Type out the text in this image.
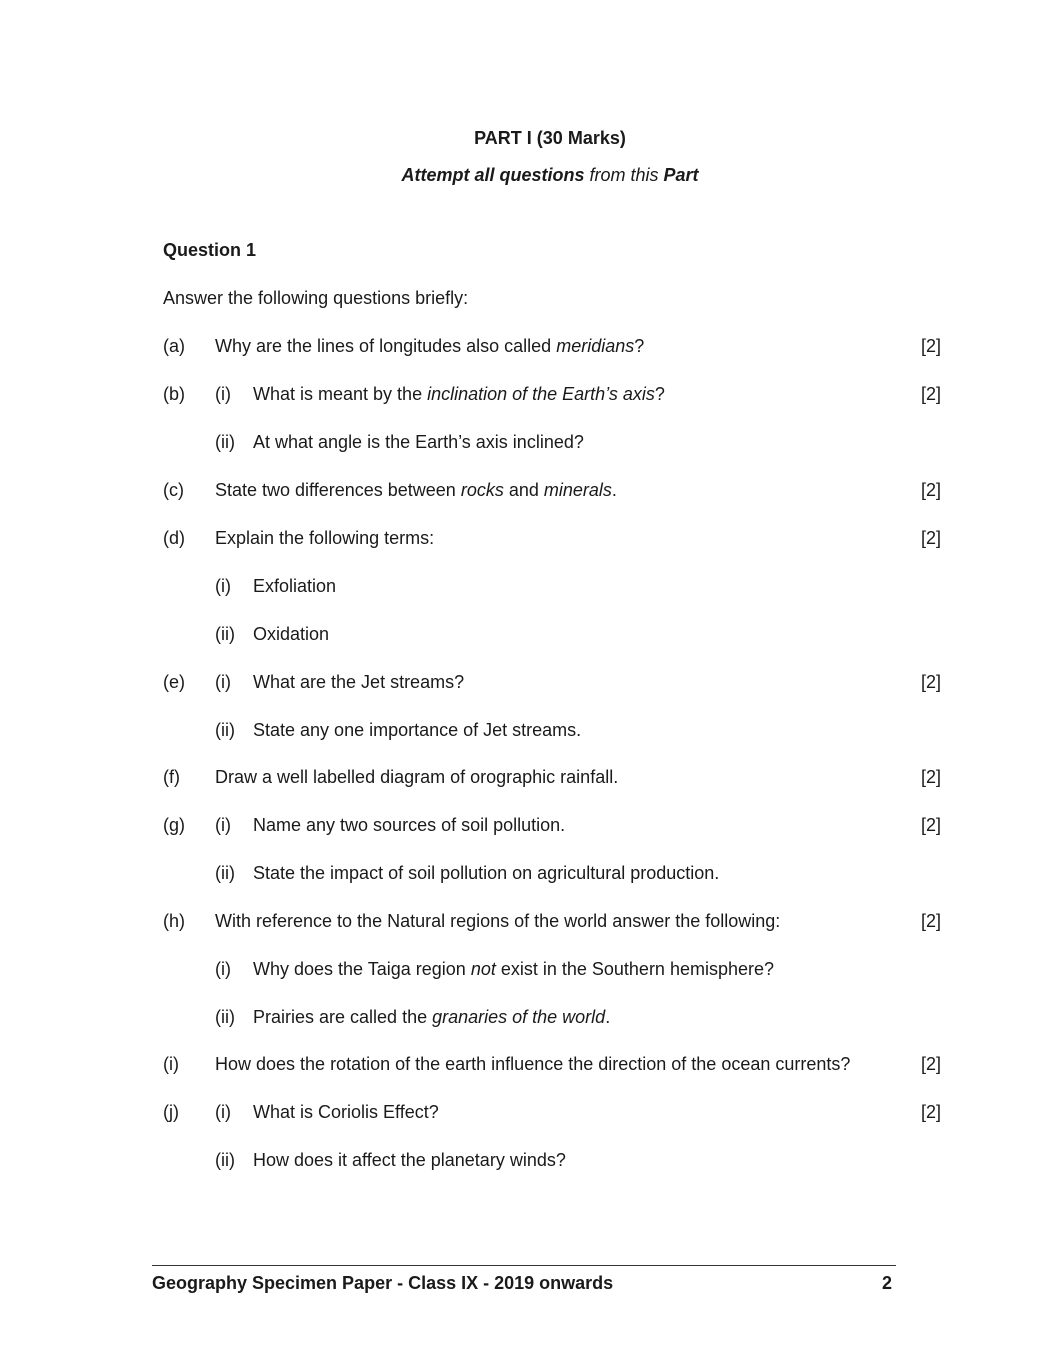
PART I (30 Marks)
Attempt all questions from this Part
Question 1
Answer the following questions briefly:
(a) Why are the lines of longitudes also called meridians?	[2]
(b) (i) What is meant by the inclination of the Earth’s axis?	[2]
(ii) At what angle is the Earth’s axis inclined?
(c) State two differences between rocks and minerals.	[2]
(d) Explain the following terms:	[2]
(i) Exfoliation
(ii) Oxidation
(e) (i) What are the Jet streams?	[2]
(ii) State any one importance of Jet streams.
(f) Draw a well labelled diagram of orographic rainfall.	[2]
(g) (i) Name any two sources of soil pollution.	[2]
(ii) State the impact of soil pollution on agricultural production.
(h) With reference to the Natural regions of the world answer the following:	[2]
(i) Why does the Taiga region not exist in the Southern hemisphere?
(ii) Prairies are called the granaries of the world.
(i) How does the rotation of the earth influence the direction of the ocean currents?	[2]
(j) (i) What is Coriolis Effect?	[2]
(ii) How does it affect the planetary winds?
Geography Specimen Paper - Class IX - 2019 onwards	2
